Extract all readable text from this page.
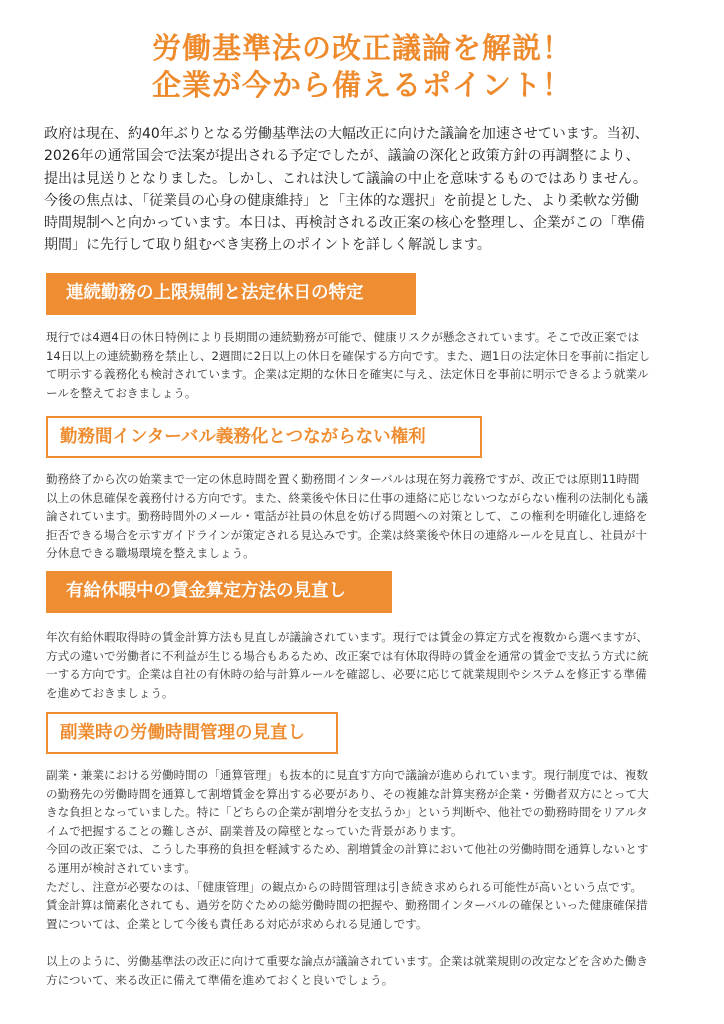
労働基準法の改正議論を解説！
企業が今から備えるポイント！

政府は現在、約40年ぶりとなる労働基準法の大幅改正に向けた議論を加速させています。当初、

2026年の通常国会で法案が提出される予定でしたが、議論の深化と政策方針の再調整により、

提出は見送りとなりました。しかし、これは決して議論の中止を意味するものではありません。

今後の焦点は、「従業員の心身の健康維持」と「主体的な選択」を前提とした、より柔軟な労働

時間規制へと向かっています。本日は、再検討される改正案の核心を整理し、企業がこの「準備

期間」に先行して取り組むべき実務上のポイントを詳しく解説します。

連続勤務の上限規制と法定休日の特定

現行では4週4日の休日特例により長期間の連続勤務が可能で、健康リスクが懸念されています。そこで改正案では

14日以上の連続勤務を禁止し、2週間に2日以上の休日を確保する方向です。また、週1日の法定休日を事前に指定し

て明示する義務化も検討されています。企業は定期的な休日を確実に与え、法定休日を事前に明示できるよう就業ル

ールを整えておきましょう。

勤務間インターバル義務化とつながらない権利

勤務終了から次の始業まで一定の休息時間を置く勤務間インターバルは現在努力義務ですが、改正では原則11時間

以上の休息確保を義務付ける方向です。また、終業後や休日に仕事の連絡に応じないつながらない権利の法制化も議

論されています。勤務時間外のメール・電話が社員の休息を妨げる問題への対策として、この権利を明確化し連絡を

拒否できる場合を示すガイドラインが策定される見込みです。企業は終業後や休日の連絡ルールを見直し、社員が十

分休息できる職場環境を整えましょう。

有給休暇中の賃金算定方法の見直し

年次有給休暇取得時の賃金計算方法も見直しが議論されています。現行では賃金の算定方式を複数から選べますが、

方式の違いで労働者に不利益が生じる場合もあるため、改正案では有休取得時の賃金を通常の賃金で支払う方式に統

一する方向です。企業は自社の有休時の給与計算ルールを確認し、必要に応じて就業規則やシステムを修正する準備

を進めておきましょう。

副業時の労働時間管理の見直し

副業・兼業における労働時間の「通算管理」も抜本的に見直す方向で議論が進められています。現行制度では、複数

の勤務先の労働時間を通算して割増賃金を算出する必要があり、その複雑な計算実務が企業・労働者双方にとって大

きな負担となっていました。特に「どちらの企業が割増分を支払うか」という判断や、他社での勤務時間をリアルタ

イムで把握することの難しさが、副業普及の障壁となっていた背景があります。

今回の改正案では、こうした事務的負担を軽減するため、割増賃金の計算において他社の労働時間を通算しないとす

る運用が検討されています。

ただし、注意が必要なのは、「健康管理」の観点からの時間管理は引き続き求められる可能性が高いという点です。

賃金計算は簡素化されても、過労を防ぐための総労働時間の把握や、勤務間インターバルの確保といった健康確保措

置については、企業として今後も責任ある対応が求められる見通しです。

以上のように、労働基準法の改正に向けて重要な論点が議論されています。企業は就業規則の改定などを含めた働き

方について、来る改正に備えて準備を進めておくと良いでしょう。
